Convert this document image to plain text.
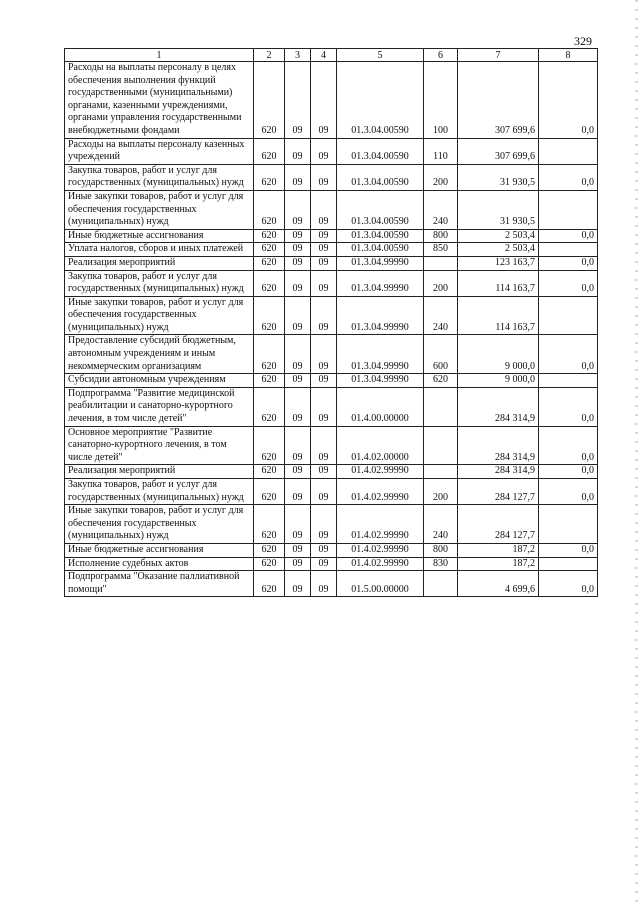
329
1	2	3	4	5	6	7	8
Расходы на выплаты персоналу в целях обеспечения выполнения функций государственными (муниципальными) органами, казенными учреждениями, органами управления государственными внебюджетными фондами	620	09	09	01.3.04.00590	100	307 699,6	0,0
Расходы на выплаты персоналу казенных учреждений	620	09	09	01.3.04.00590	110	307 699,6	
Закупка товаров, работ и услуг для государственных (муниципальных) нужд	620	09	09	01.3.04.00590	200	31 930,5	0,0
Иные закупки товаров, работ и услуг для обеспечения государственных (муниципальных) нужд	620	09	09	01.3.04.00590	240	31 930,5	
Иные бюджетные ассигнования	620	09	09	01.3.04.00590	800	2 503,4	0,0
Уплата налогов, сборов и иных платежей	620	09	09	01.3.04.00590	850	2 503,4	
Реализация мероприятий	620	09	09	01.3.04.99990		123 163,7	0,0
Закупка товаров, работ и услуг для государственных (муниципальных) нужд	620	09	09	01.3.04.99990	200	114 163,7	0,0
Иные закупки товаров, работ и услуг для обеспечения государственных (муниципальных) нужд	620	09	09	01.3.04.99990	240	114 163,7	
Предоставление субсидий бюджетным, автономным учреждениям и иным некоммерческим организациям	620	09	09	01.3.04.99990	600	9 000,0	0,0
Субсидии автономным учреждениям	620	09	09	01.3.04.99990	620	9 000,0	
Подпрограмма "Развитие медицинской реабилитации и санаторно-курортного лечения, в том числе детей"	620	09	09	01.4.00.00000		284 314,9	0,0
Основное мероприятие "Развитие санаторно-курортного лечения, в том числе детей"	620	09	09	01.4.02.00000		284 314,9	0,0
Реализация мероприятий	620	09	09	01.4.02.99990		284 314,9	0,0
Закупка товаров, работ и услуг для государственных (муниципальных) нужд	620	09	09	01.4.02.99990	200	284 127,7	0,0
Иные закупки товаров, работ и услуг для обеспечения государственных (муниципальных) нужд	620	09	09	01.4.02.99990	240	284 127,7	
Иные бюджетные ассигнования	620	09	09	01.4.02.99990	800	187,2	0,0
Исполнение судебных актов	620	09	09	01.4.02.99990	830	187,2	
Подпрограмма "Оказание паллиативной помощи"	620	09	09	01.5.00.00000		4 699,6	0,0
